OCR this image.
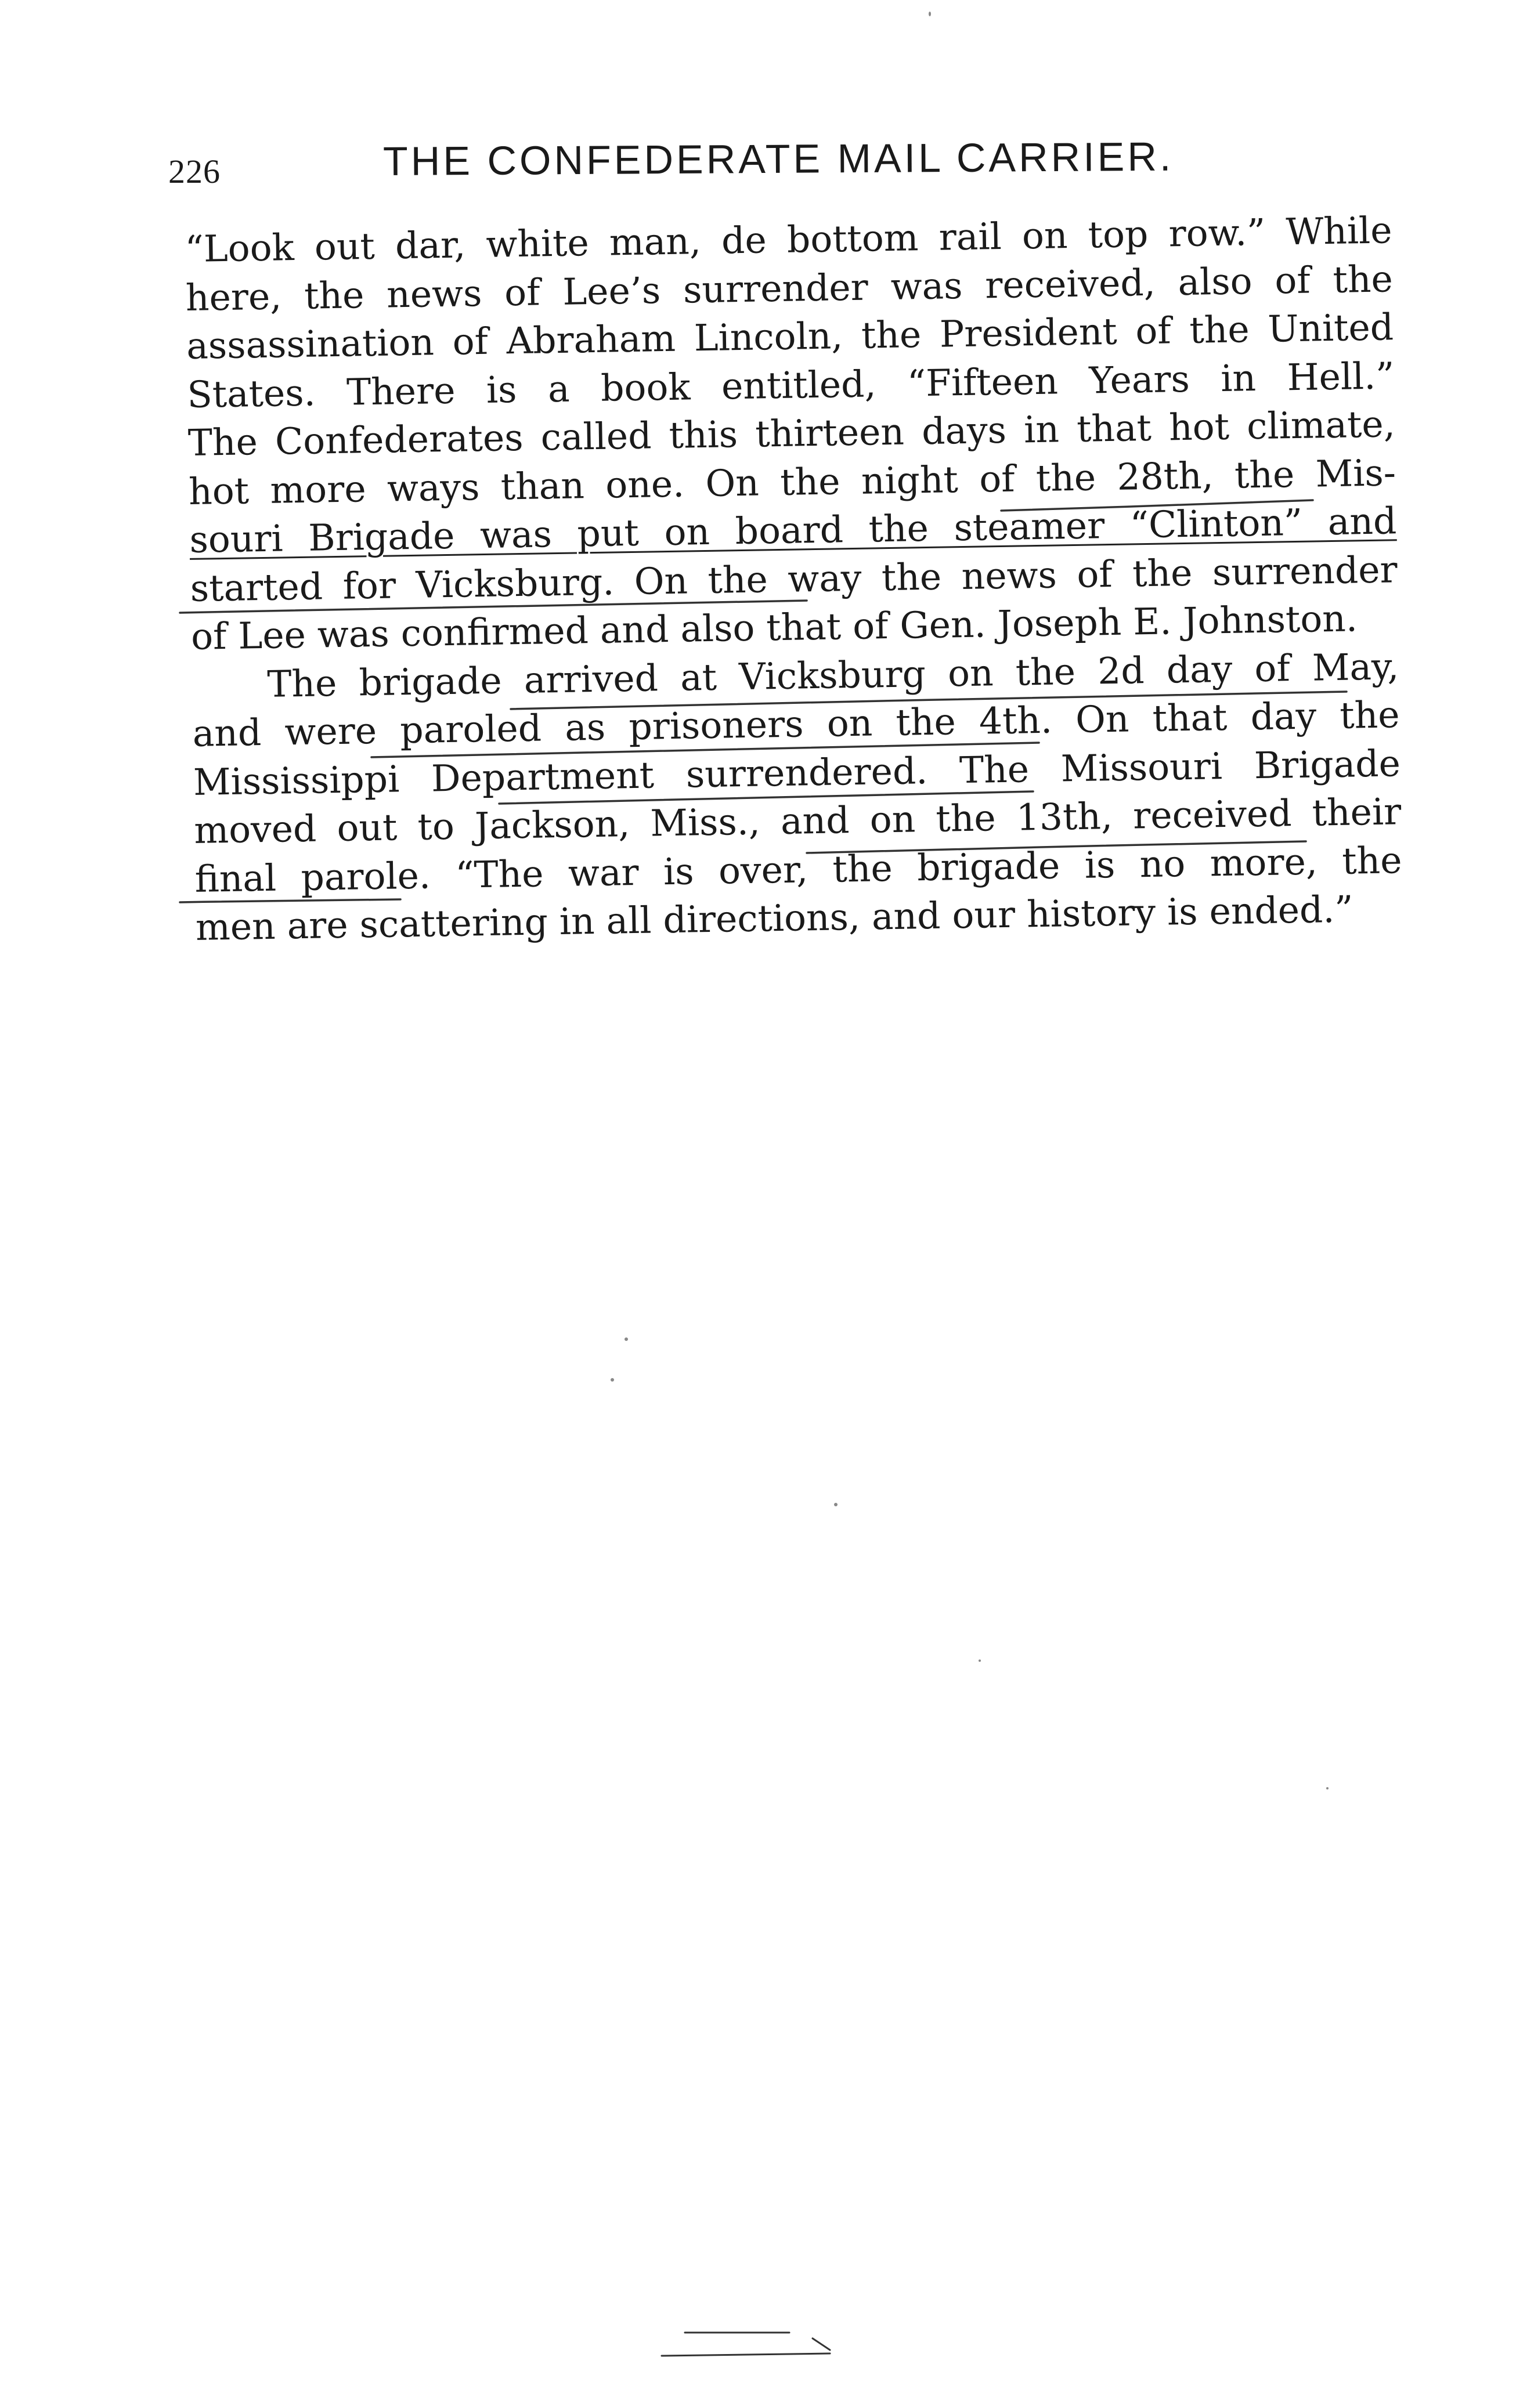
226	THE CONFEDERATE MAIL CARRIER.
“Look out dar, white man, de bottom rail on top row.” While
here, the news of Lee’s surrender was received, also of the
assassination of Abraham Lincoln, the President of the United
States. There is a book entitled, “Fifteen Years in Hell.”
The Confederates called this thirteen days in that hot climate,
hot more ways than one. On the night of the 28th, the Mis-
souri Brigade was put on board the steamer “Clinton” and
started for Vicksburg. On the way the news of the surrender
of Lee was confirmed and also that of Gen. Joseph E. Johnston.
The brigade arrived at Vicksburg on the 2d day of May,
and were paroled as prisoners on the 4th. On that day the
Mississippi Department surrendered. The Missouri Brigade
moved out to Jackson, Miss., and on the 13th, received their
final parole. “The war is over, the brigade is no more, the
men are scattering in all directions, and our history is ended.”
